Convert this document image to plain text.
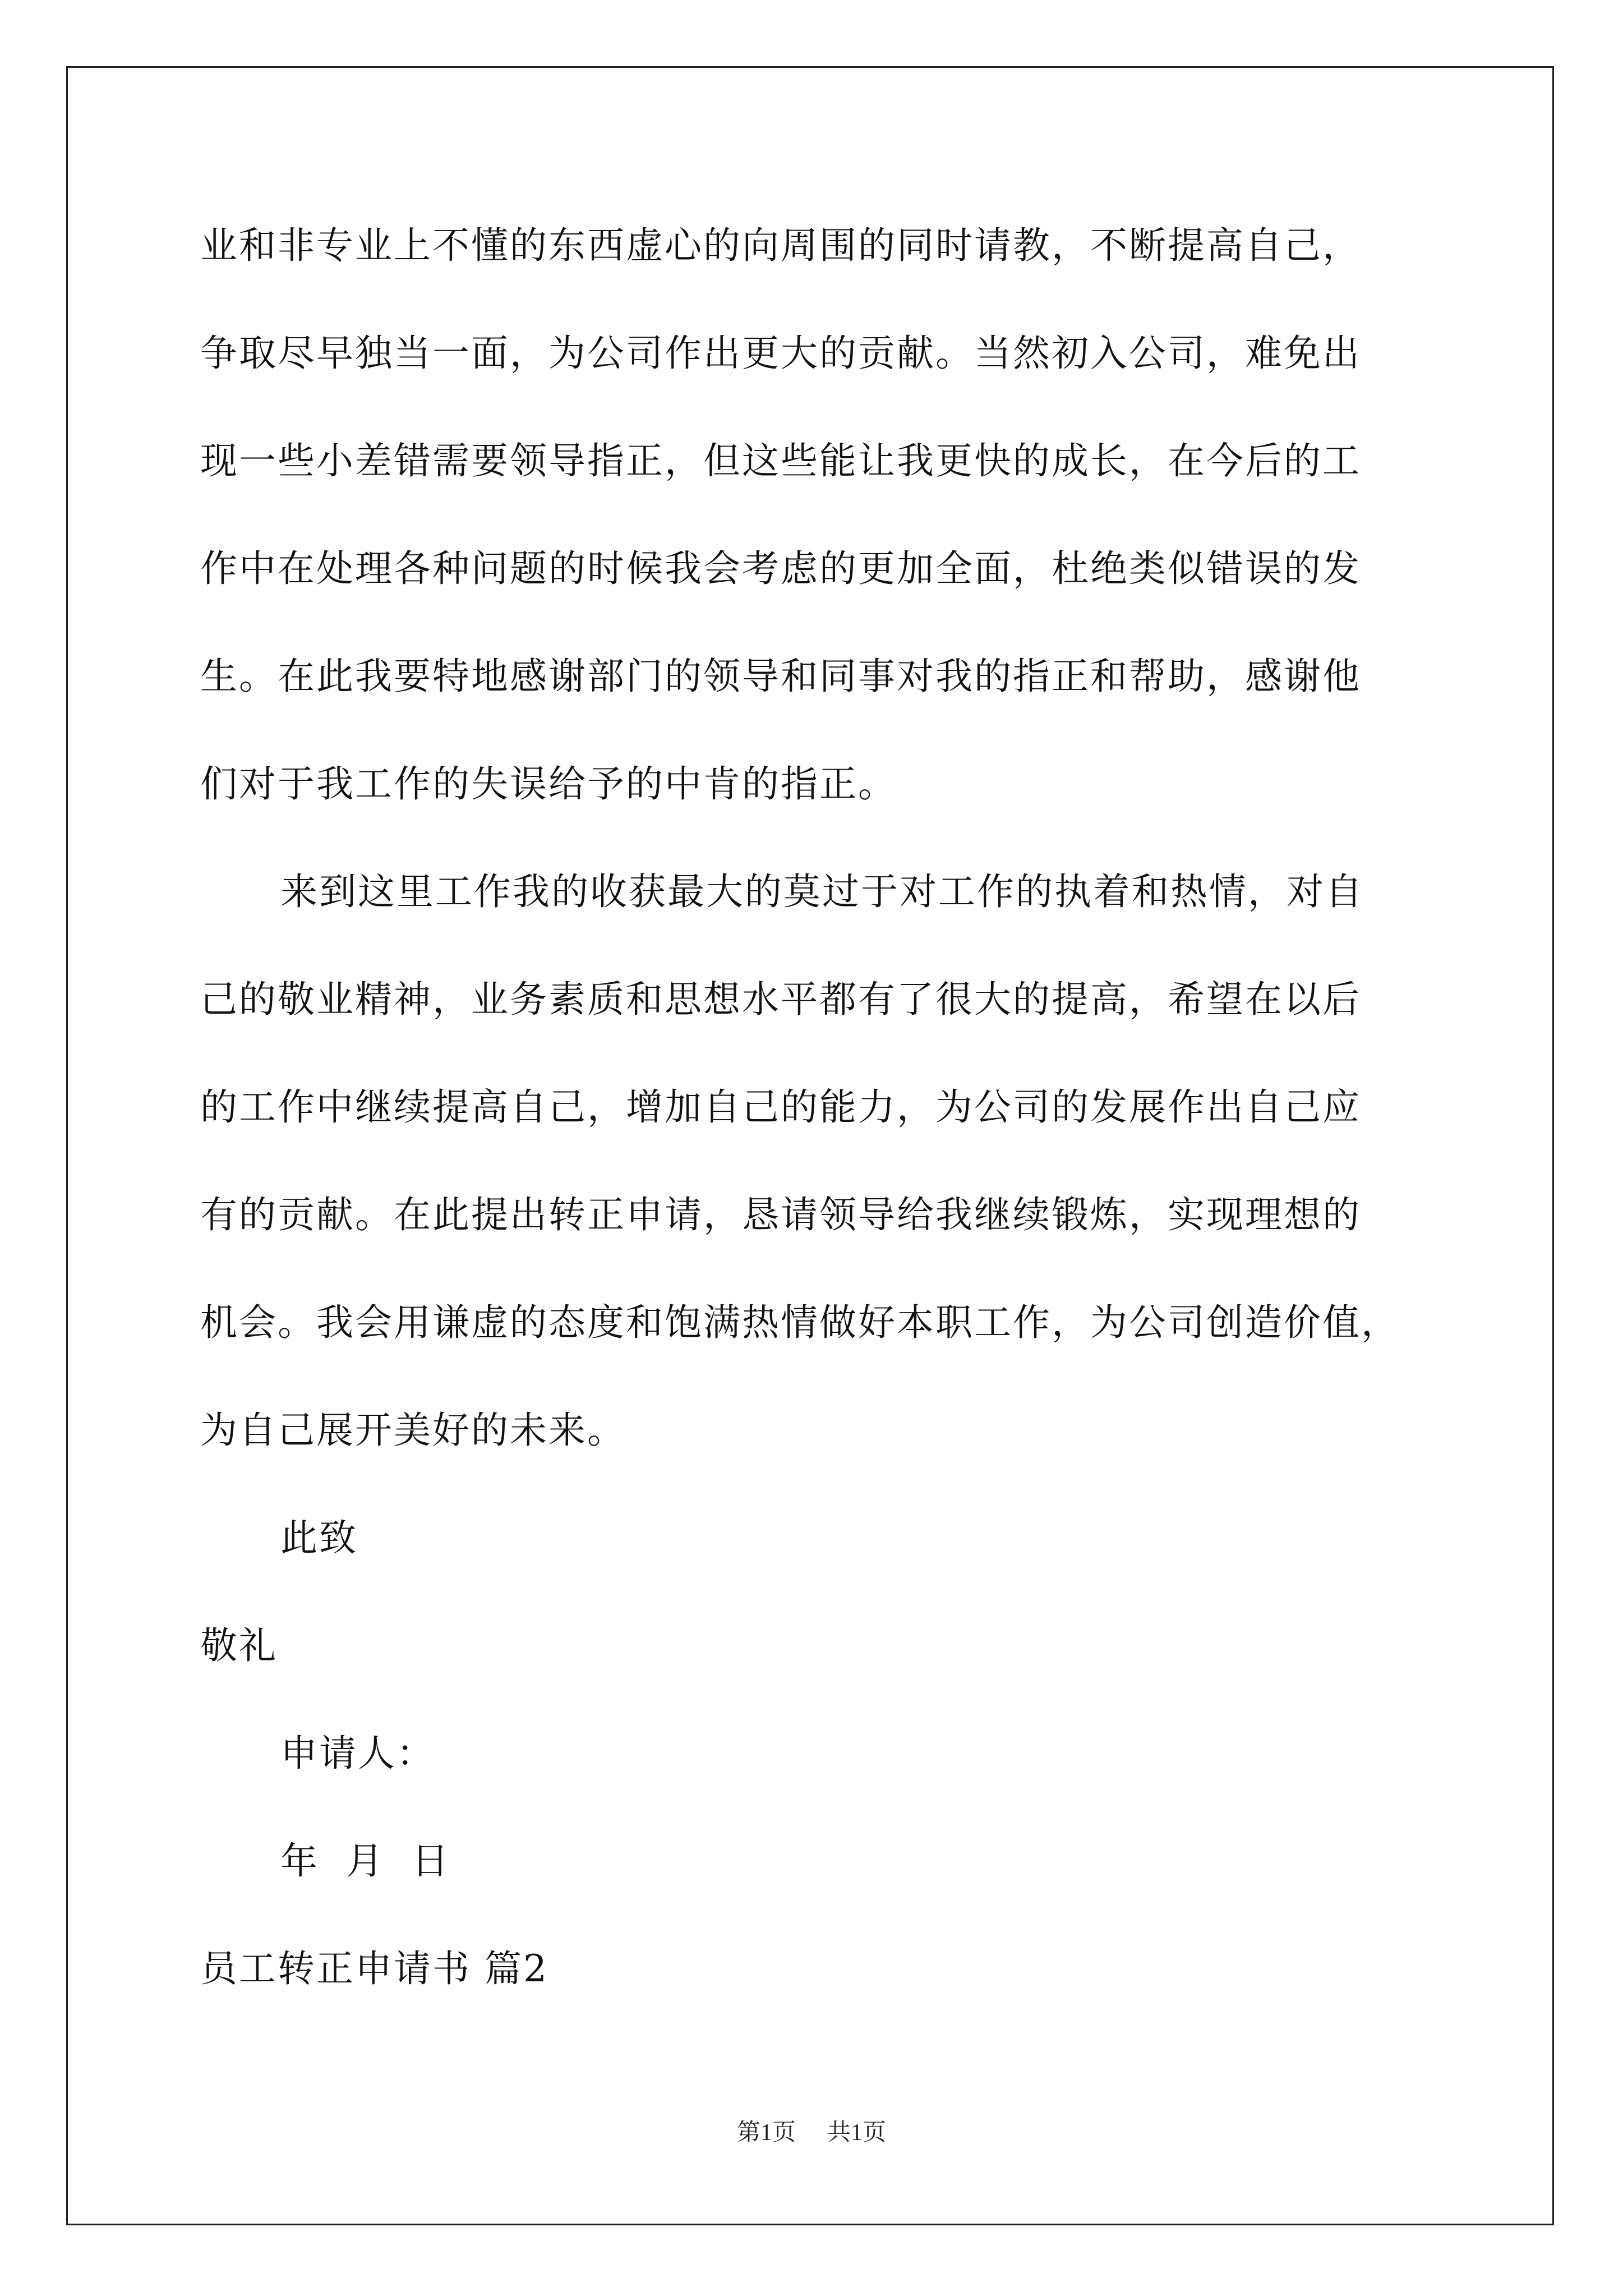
业和非专业上不懂的东西虚心的向周围的同时请教，不断提高自己，
争取尽早独当一面，为公司作出更大的贡献。当然初入公司，难免出
现一些小差错需要领导指正，但这些能让我更快的成长，在今后的工
作中在处理各种问题的时候我会考虑的更加全面，杜绝类似错误的发
生。在此我要特地感谢部门的领导和同事对我的指正和帮助，感谢他
们对于我工作的失误给予的中肯的指正。
来到这里工作我的收获最大的莫过于对工作的执着和热情，对自
己的敬业精神，业务素质和思想水平都有了很大的提高，希望在以后
的工作中继续提高自己，增加自己的能力，为公司的发展作出自己应
有的贡献。在此提出转正申请，恳请领导给我继续锻炼，实现理想的
机会。我会用谦虚的态度和饱满热情做好本职工作，为公司创造价值，
为自己展开美好的未来。
此致
敬礼
申请人：
年  月  日
员工转正申请书 篇2
第1页 共1页
